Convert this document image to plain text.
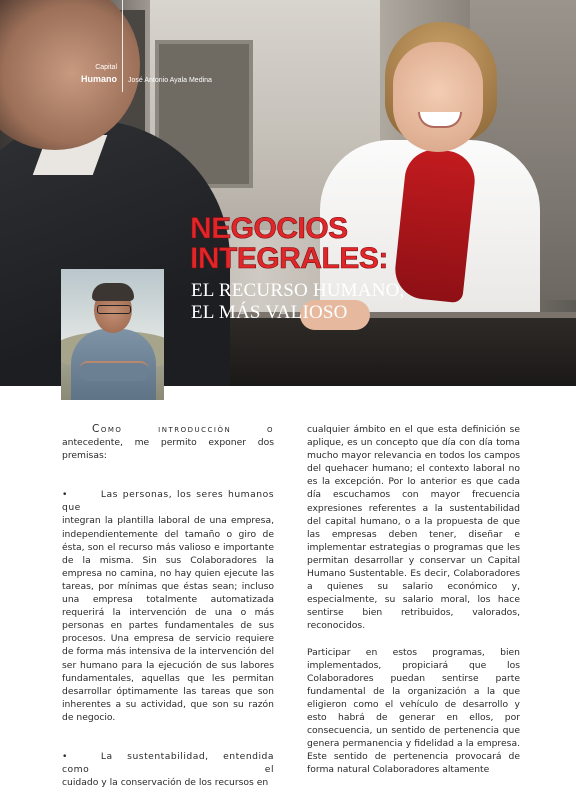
Capital
Humano José Antonio Ayala Medina
NEGOCIOS
INTEGRALES:
EL RECURSO HUMANO,
EL MÁS VALIOSO

Como introducciòn o

antecedente, me permito exponer dos premisas:

•	Las personas, los seres humanos que

integran la plantilla laboral de una empresa, independientemente del tamaño o giro de ésta, son el recurso más valioso e importante de la misma. Sin sus Colaboradores la empresa no camina, no hay quien ejecute las tareas, por mínimas que éstas sean; incluso una empresa totalmente automatizada requerirá la intervención de una o más personas en partes fundamentales de sus procesos. Una empresa de servicio requiere de forma más intensiva de la intervención del ser humano para la ejecución de sus labores fundamentales, aquellas que les permitan desarrollar óptimamente las tareas que son inherentes a su actividad, que son su razón de negocio.

•	La sustentabilidad, entendida como el

cuidado y la conservación de los recursos en

cualquier ámbito en el que esta definición se aplique, es un concepto que día con día toma mucho mayor relevancia en todos los campos del quehacer humano; el contexto laboral no es la excepción. Por lo anterior es que cada día escuchamos con mayor frecuencia expresiones referentes a la sustentabilidad del capital humano, o a la propuesta de que las empresas deben tener, diseñar e implementar estrategias o programas que les permitan desarrollar y conservar un Capital Humano Sustentable. Es decir, Colaboradores a quienes su salario económico y, especialmente, su salario moral, los hace sentirse bien retribuidos, valorados, reconocidos.

Participar en estos programas, bien implementados, propiciará que los Colaboradores puedan sentirse parte fundamental de la organización a la que eligieron como el vehículo de desarrollo y esto habrá de generar en ellos, por consecuencia, un sentido de pertenencia que genera permanencia y fidelidad a la empresa. Este sentido de pertenencia provocará de forma natural Colaboradores altamente
